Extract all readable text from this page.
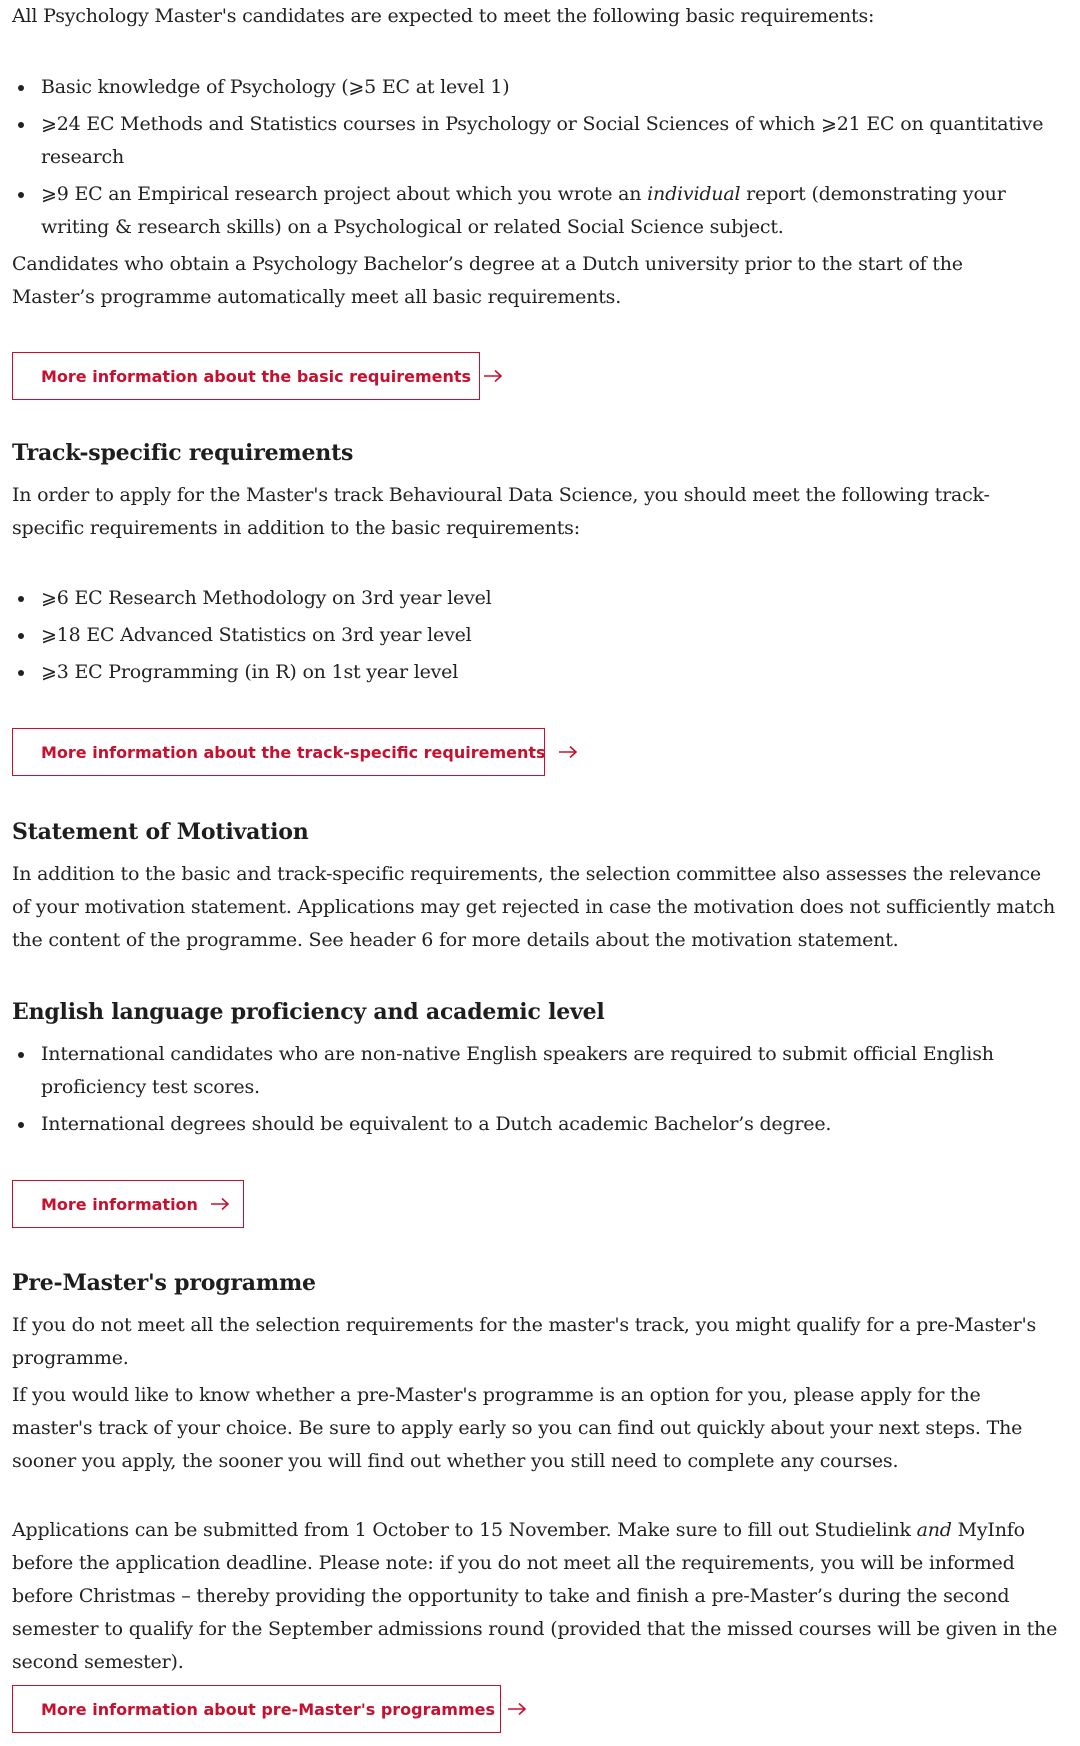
All Psychology Master's candidates are expected to meet the following basic requirements:

Basic knowledge of Psychology (⩾5 EC at level 1)
⩾24 EC Methods and Statistics courses in Psychology or Social Sciences of which ⩾21 EC on quantitative research
⩾9 EC an Empirical research project about which you wrote an individual report (demonstrating your writing & research skills) on a Psychological or related Social Science subject.

Candidates who obtain a Psychology Bachelor’s degree at a Dutch university prior to the start of the Master’s programme automatically meet all basic requirements.

More information about the basic requirements
Track-specific requirements

In order to apply for the Master's track Behavioural Data Science, you should meet the following track-specific requirements in addition to the basic requirements:

⩾6 EC Research Methodology on 3rd year level
⩾18 EC Advanced Statistics on 3rd year level
⩾3 EC Programming (in R) on 1st year level
More information about the track-specific requirements
Statement of Motivation

In addition to the basic and track-specific requirements, the selection committee also assesses the relevance of your motivation statement. Applications may get rejected in case the motivation does not sufficiently match the content of the programme. See header 6 for more details about the motivation statement.

English language proficiency and academic level
International candidates who are non-native English speakers are required to submit official English proficiency test scores.
International degrees should be equivalent to a Dutch academic Bachelor’s degree.
More information
Pre-Master's programme

If you do not meet all the selection requirements for the master's track, you might qualify for a pre-Master's programme.

If you would like to know whether a pre-Master's programme is an option for you, please apply for the master's track of your choice. Be sure to apply early so you can find out quickly about your next steps. The sooner you apply, the sooner you will find out whether you still need to complete any courses.

Applications can be submitted from 1 October to 15 November. Make sure to fill out Studielink and MyInfo before the application deadline. Please note: if you do not meet all the requirements, you will be informed before Christmas – thereby providing the opportunity to take and finish a pre-Master’s during the second semester to qualify for the September admissions round (provided that the missed courses will be given in the second semester).

More information about pre-Master's programmes
